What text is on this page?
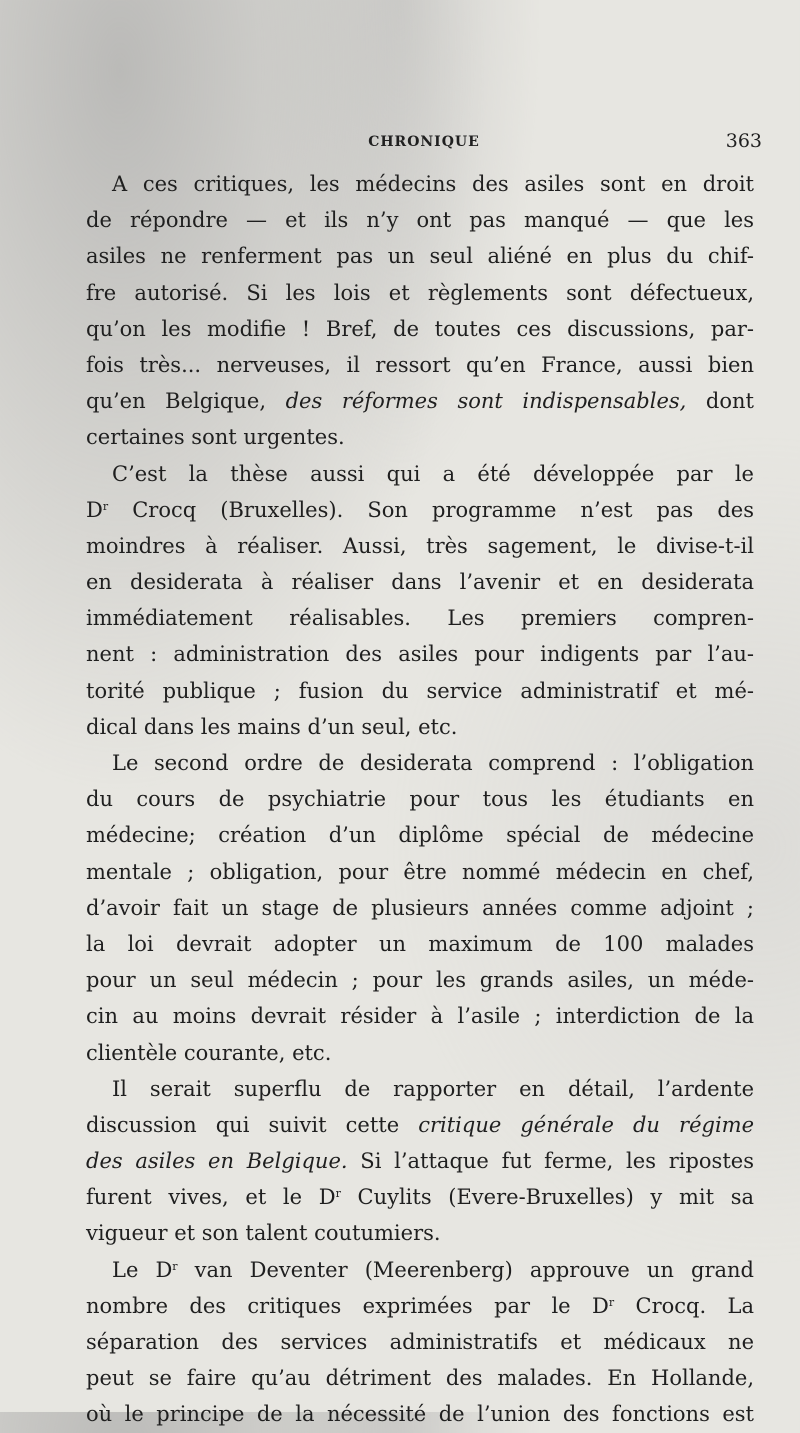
CHRONIQUE	363
A ces critiques, les médecins des asiles sont en droit
de répondre — et ils n’y ont pas manqué — que les
asiles ne renferment pas un seul aliéné en plus du chif-
fre autorisé. Si les lois et règlements sont défectueux,
qu’on les modifie ! Bref, de toutes ces discussions, par-
fois très... nerveuses, il ressort qu’en France, aussi bien
qu’en Belgique, des réformes sont indispensables, dont
certaines sont urgentes.
C’est la thèse aussi qui a été développée par le
$D^r$ Crocq (Bruxelles). Son programme n’est pas des
moindres à réaliser. Aussi, très sagement, le divise-t-il
en desiderata à réaliser dans l’avenir et en desiderata
immédiatement réalisables. Les premiers compren-
nent : administration des asiles pour indigents par l’au-
torité publique ; fusion du service administratif et mé-
dical dans les mains d’un seul, etc.
Le second ordre de desiderata comprend : l’obligation
du cours de psychiatrie pour tous les étudiants en
médecine; création d’un diplôme spécial de médecine
mentale ; obligation, pour être nommé médecin en chef,
d’avoir fait un stage de plusieurs années comme adjoint ;
la loi devrait adopter un maximum de 100 malades
pour un seul médecin ; pour les grands asiles, un méde-
cin au moins devrait résider à l’asile ; interdiction de la
clientèle courante, etc.
Il serait superflu de rapporter en détail, l’ardente
discussion qui suivit cette critique générale du régime
des asiles en Belgique. Si l’attaque fut ferme, les ripostes
furent vives, et le $D^r$ Cuylits (Evere-Bruxelles) y mit sa
vigueur et son talent coutumiers.
Le $D^r$ van Deventer (Meerenberg) approuve un grand
nombre des critiques exprimées par le $D^r$ Crocq. La
séparation des services administratifs et médicaux ne
peut se faire qu’au détriment des malades. En Hollande,
où le principe de la nécessité de l’union des fonctions est
